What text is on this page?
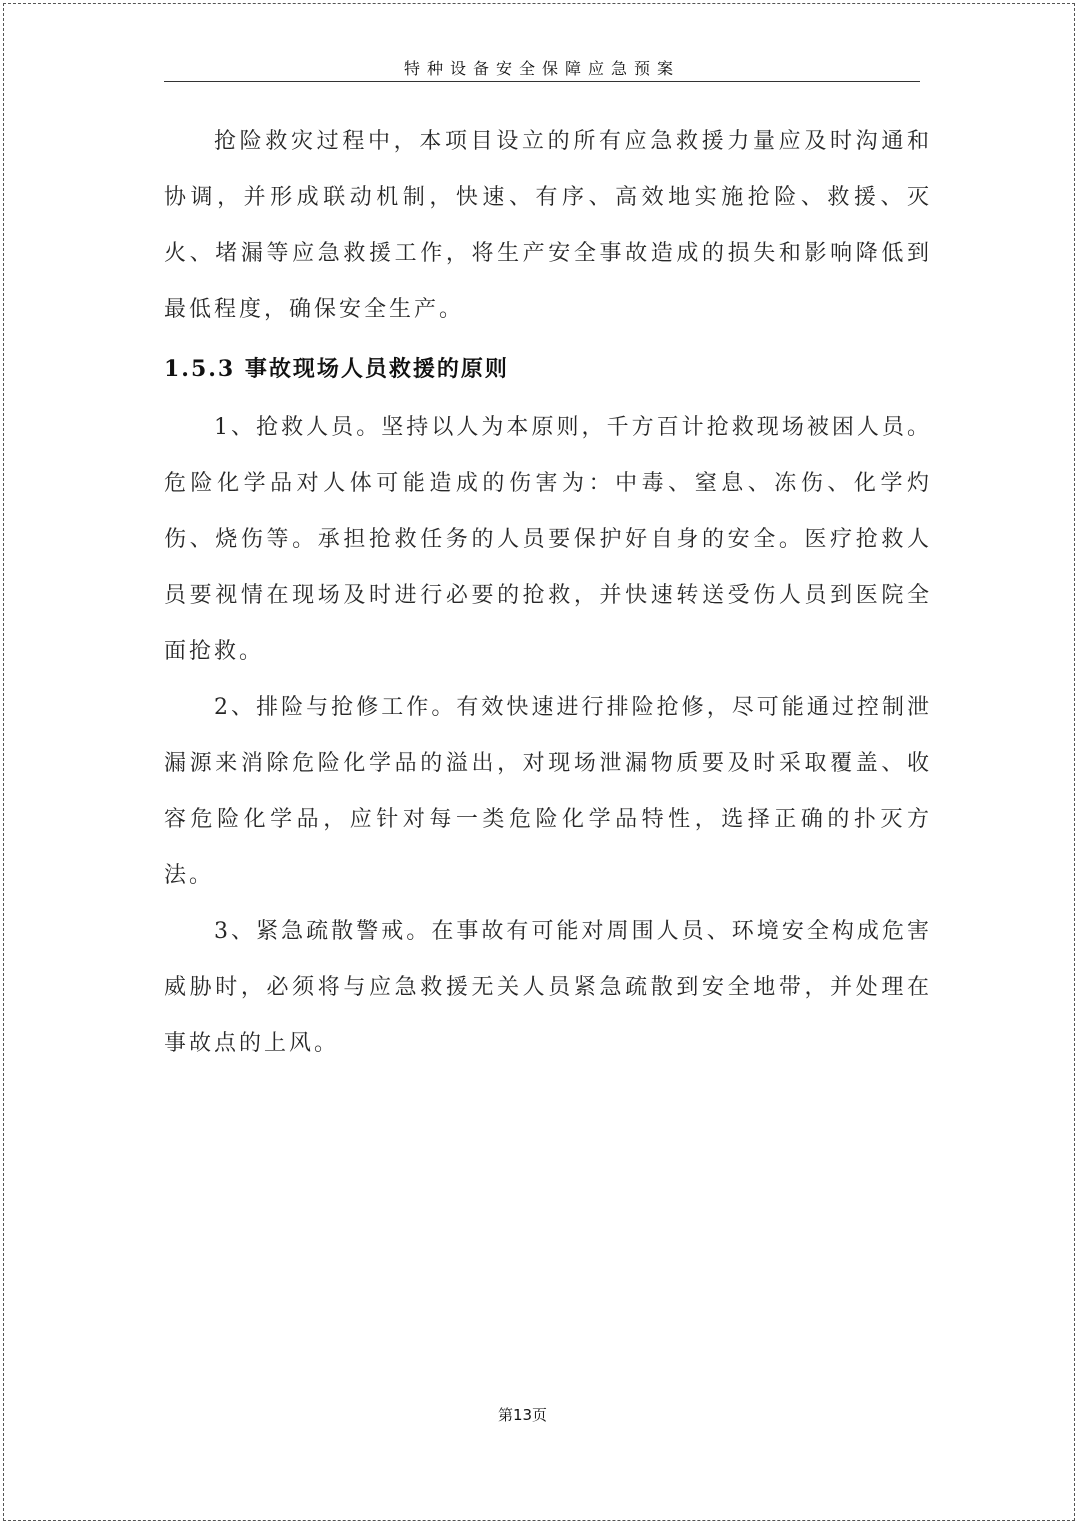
特种设备安全保障应急预案

抢险救灾过程中，本项目设立的所有应急救援力量应及时沟通和协调，并形成联动机制，快速、有序、高效地实施抢险、救援、灭火、堵漏等应急救援工作，将生产安全事故造成的损失和影响降低到最低程度，确保安全生产。

1.5.3 事故现场人员救援的原则

1、抢救人员。坚持以人为本原则，千方百计抢救现场被困人员。危险化学品对人体可能造成的伤害为：中毒、窒息、冻伤、化学灼伤、烧伤等。承担抢救任务的人员要保护好自身的安全。医疗抢救人员要视情在现场及时进行必要的抢救，并快速转送受伤人员到医院全面抢救。

2、排险与抢修工作。有效快速进行排险抢修，尽可能通过控制泄漏源来消除危险化学品的溢出，对现场泄漏物质要及时采取覆盖、收容危险化学品，应针对每一类危险化学品特性，选择正确的扑灭方法。

3、紧急疏散警戒。在事故有可能对周围人员、环境安全构成危害威胁时，必须将与应急救援无关人员紧急疏散到安全地带，并处理在事故点的上风。

第13页
